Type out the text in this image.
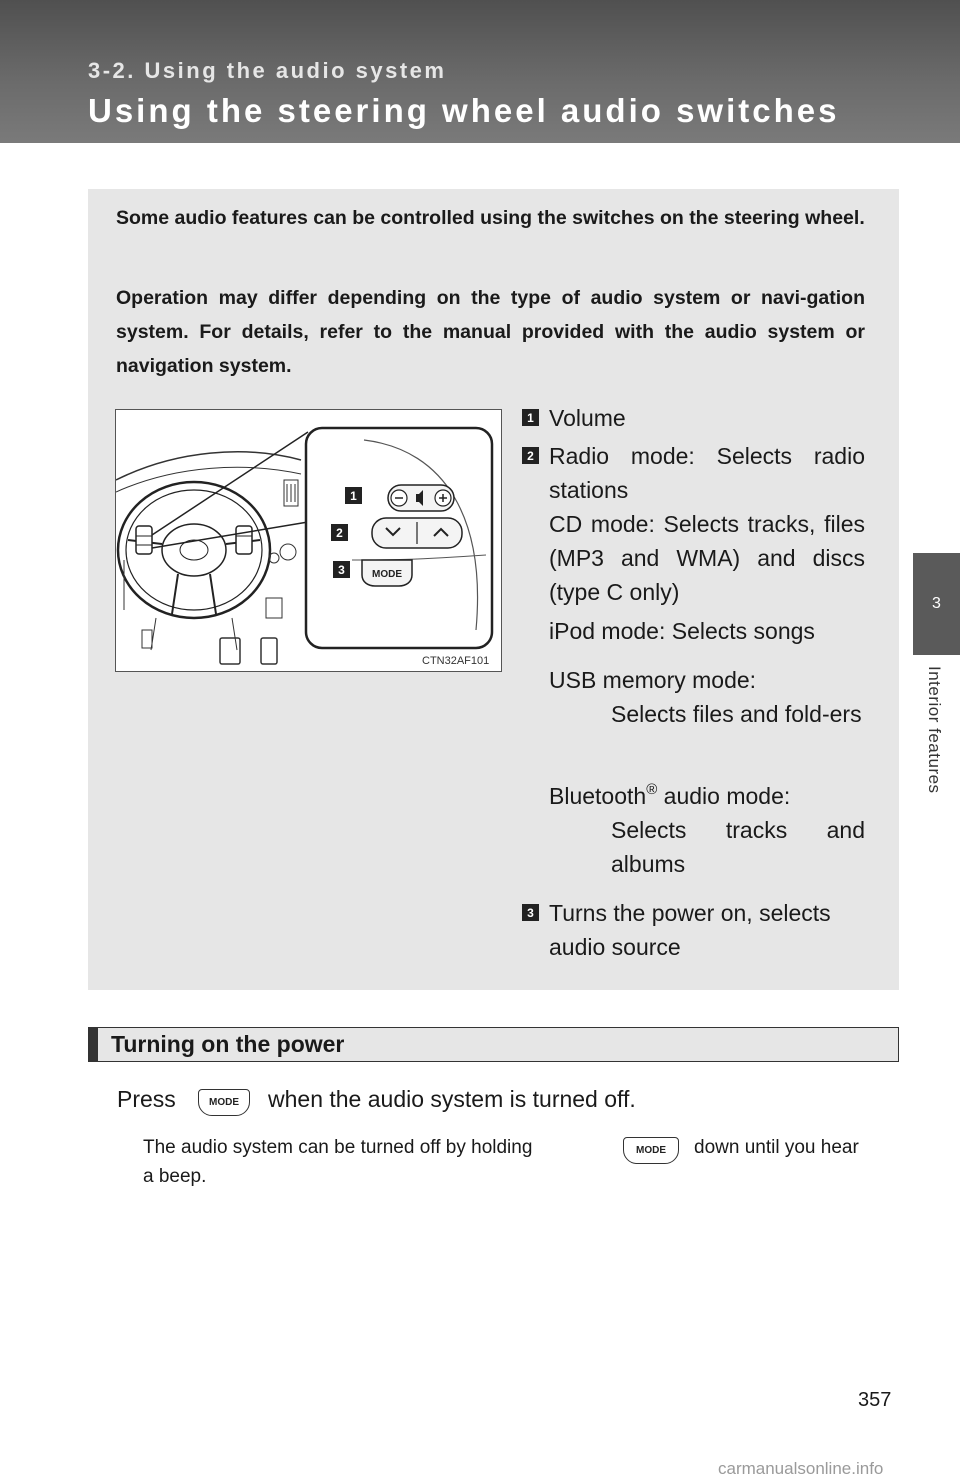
3-2. Using the audio system
Using the steering wheel audio switches
3
Interior features
Some audio features can be controlled using the switches on the steering wheel.
Operation may differ depending on the type of audio system or navi-gation system. For details, refer to the manual provided with the audio system or navigation system.
MODE
CTN32AF101
1
2
3
1 Volume
2 Radio mode: Selects radio stations
CD mode: Selects tracks, files (MP3 and WMA) and discs (type C only)
iPod mode: Selects songs
USB memory mode:
Selects files and fold-ers
Bluetooth® audio mode:
Selects tracks and albums
3 Turns the power on, selects audio source
Turning on the power
Press	MODE when the audio system is turned off.
The audio system can be turned off by holding	MODE down until you hear
a beep.
357
carmanualsonline.info
